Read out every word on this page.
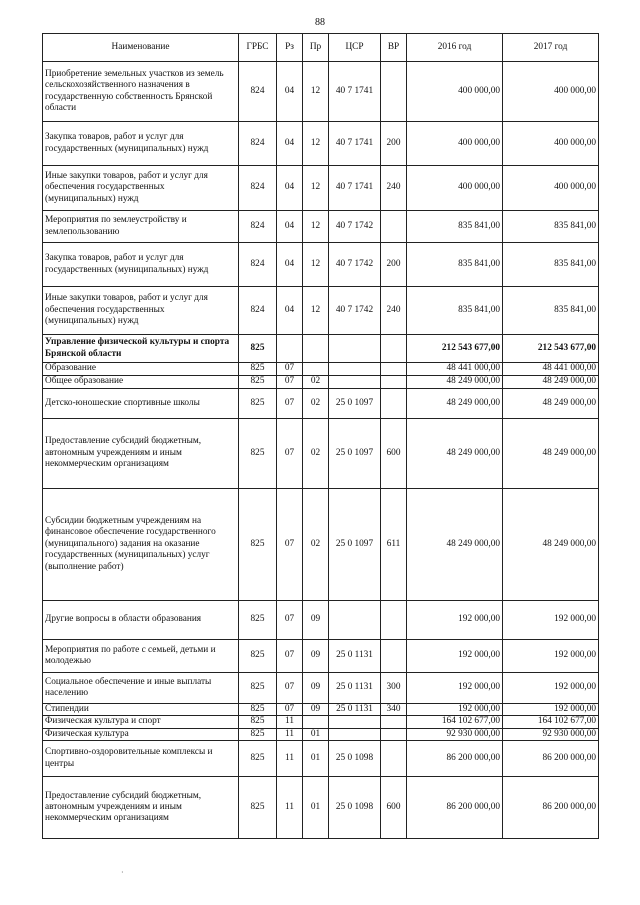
88
Наименование	ГРБС	Рз	Пр	ЦСР	ВР	2016 год	2017 год
Приобретение земельных участков из земель сельскохозяйственного назначения в государственную собственность Брянской области	824	04	12	40 7 1741		400 000,00	400 000,00
Закупка товаров, работ и услуг для государственных (муниципальных) нужд	824	04	12	40 7 1741	200	400 000,00	400 000,00
Иные закупки товаров, работ и услуг для обеспечения государственных (муниципальных) нужд	824	04	12	40 7 1741	240	400 000,00	400 000,00
Мероприятия по землеустройству и землепользованию	824	04	12	40 7 1742		835 841,00	835 841,00
Закупка товаров, работ и услуг для государственных (муниципальных) нужд	824	04	12	40 7 1742	200	835 841,00	835 841,00
Иные закупки товаров, работ и услуг для обеспечения государственных (муниципальных) нужд	824	04	12	40 7 1742	240	835 841,00	835 841,00
Управление физической культуры и спорта Брянской области	825					212 543 677,00	212 543 677,00
Образование	825	07				48 441 000,00	48 441 000,00
Общее образование	825	07	02			48 249 000,00	48 249 000,00
Детско-юношеские спортивные школы	825	07	02	25 0 1097		48 249 000,00	48 249 000,00
Предоставление субсидий бюджетным, автономным учреждениям и иным некоммерческим организациям	825	07	02	25 0 1097	600	48 249 000,00	48 249 000,00
Субсидии бюджетным учреждениям на финансовое обеспечение государственного (муниципального) задания на оказание государственных (муниципальных) услуг (выполнение работ)	825	07	02	25 0 1097	611	48 249 000,00	48 249 000,00
Другие вопросы в области образования	825	07	09			192 000,00	192 000,00
Мероприятия по работе с семьей, детьми и молодежью	825	07	09	25 0 1131		192 000,00	192 000,00
Социальное обеспечение и иные выплаты населению	825	07	09	25 0 1131	300	192 000,00	192 000,00
Стипендии	825	07	09	25 0 1131	340	192 000,00	192 000,00
Физическая культура и спорт	825	11				164 102 677,00	164 102 677,00
Физическая культура	825	11	01			92 930 000,00	92 930 000,00
Спортивно-оздоровительные комплексы и центры	825	11	01	25 0 1098		86 200 000,00	86 200 000,00
Предоставление субсидий бюджетным, автономным учреждениям и иным некоммерческим организациям	825	11	01	25 0 1098	600	86 200 000,00	86 200 000,00
·
